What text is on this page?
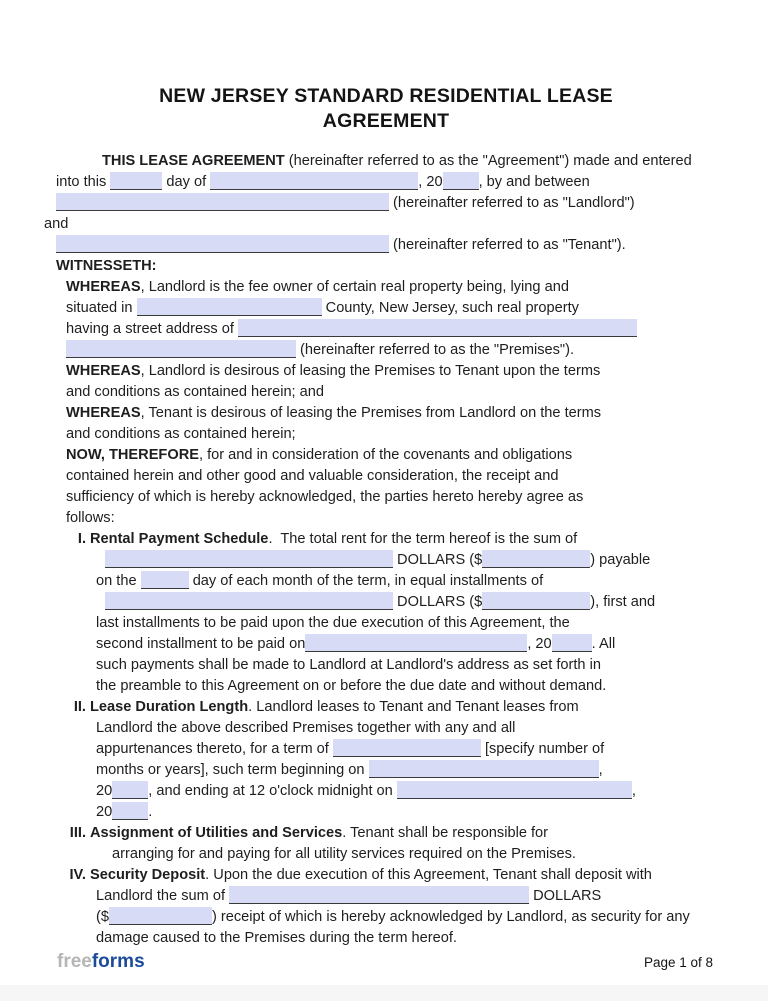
NEW JERSEY STANDARD RESIDENTIAL LEASE
AGREEMENT
THIS LEASE AGREEMENT (hereinafter referred to as the "Agreement") made and entered
into this	day of	, 20 , by and between
(hereinafter referred to as "Landlord")
and
(hereinafter referred to as "Tenant").
WITNESSETH:
WHEREAS, Landlord is the fee owner of certain real property being, lying and
situated in	County, New Jersey, such real property
having a street address of
(hereinafter referred to as the "Premises").
WHEREAS, Landlord is desirous of leasing the Premises to Tenant upon the terms
and conditions as contained herein; and
WHEREAS, Tenant is desirous of leasing the Premises from Landlord on the terms
and conditions as contained herein;
NOW, THEREFORE, for and in consideration of the covenants and obligations
contained herein and other good and valuable consideration, the receipt and
sufficiency of which is hereby acknowledged, the parties hereto hereby agree as
follows:
I. Rental Payment Schedule.  The total rent for the term hereof is the sum of
DOLLARS ($	) payable
on the	day of each month of the term, in equal installments of
DOLLARS ($	), first and
last installments to be paid upon the due execution of this Agreement, the
second installment to be paid on	, 20	. All
such payments shall be made to Landlord at Landlord's address as set forth in
the preamble to this Agreement on or before the due date and without demand.
II. Lease Duration Length. Landlord leases to Tenant and Tenant leases from
Landlord the above described Premises together with any and all
appurtenances thereto, for a term of	[specify number of
months or years], such term beginning on	,
20 , and ending at 12 o'clock midnight on	,
20 .
III. Assignment of Utilities and Services. Tenant shall be responsible for
arranging for and paying for all utility services required on the Premises.
IV. Security Deposit. Upon the due execution of this Agreement, Tenant shall deposit with
Landlord the sum of	DOLLARS
($	) receipt of which is hereby acknowledged by Landlord, as security for any
damage caused to the Premises during the term hereof.
freeforms	Page 1 of 8
